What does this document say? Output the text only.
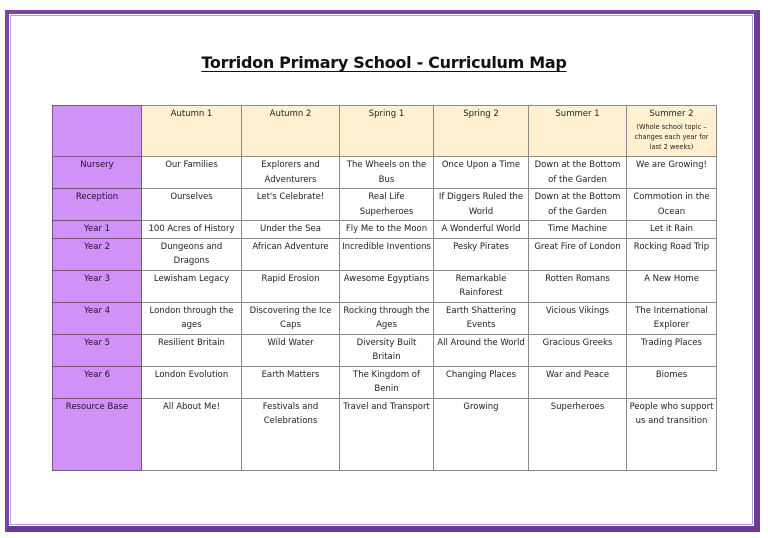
Torridon Primary School - Curriculum Map
	Autumn 1	Autumn 2	Spring 1	Spring 2	Summer 1	Summer 2
(Whole school topic – changes each year for last 2 weeks)

Nursery	Our Families	Explorers and Adventurers	The Wheels on the Bus	Once Upon a Time	Down at the Bottom of the Garden	We are Growing!
Reception	Ourselves	Let's Celebrate!	Real Life Superheroes	If Diggers Ruled the World	Down at the Bottom of the Garden	Commotion in the Ocean
Year 1	100 Acres of History	Under the Sea	Fly Me to the Moon	A Wonderful World	Time Machine	Let it Rain
Year 2	Dungeons and Dragons	African Adventure	Incredible Inventions	Pesky Pirates	Great Fire of London	Rocking Road Trip
Year 3	Lewisham Legacy	Rapid Erosion	Awesome Egyptians	Remarkable Rainforest	Rotten Romans	A New Home
Year 4	London through the ages	Discovering the Ice Caps	Rocking through the Ages	Earth Shattering Events	Vicious Vikings	The International Explorer
Year 5	Resilient Britain	Wild Water	Diversity Built Britain	All Around the World	Gracious Greeks	Trading Places
Year 6	London Evolution	Earth Matters	The Kingdom of Benin	Changing Places	War and Peace	Biomes
Resource Base	All About Me!	Festivals and Celebrations	Travel and Transport	Growing	Superheroes	People who support us and transition
